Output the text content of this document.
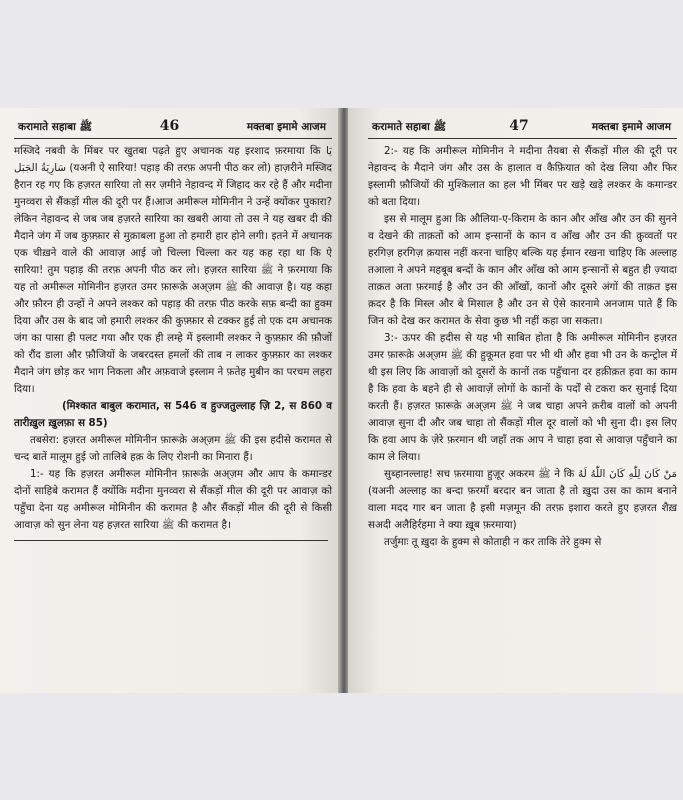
करामाते सहाबा ﷺ	46	मक्तबा इमामे आजम

मस्जिदे नबवी के मिंबर पर खुतबा पढ़ते हुए अचानक यह इरशाद फ़रमाया कि يَا سَارِيَةُ الجَبَل (यअनी ऐ सारिया! पहाड़ की तरफ़ अपनी पीठ कर लो) हाज़रीने मस्जिद हैरान रह गए कि हज़रत सारिया तो सर ज़मीने नेहावन्द में जिहाद कर रहे हैं और मदीना मुनव्वरा से सैंकड़ों मील की दूरी पर हैं।आज अमीरूल मोमिनीन ने उन्हें क्योंकर पुकारा? लेकिन नेहावन्द से जब जब हज़रते सारिया का खबरी आया तो उस ने यह खबर दी की मैदाने जंग में जब कुफ़्फ़ार से मुक़ाबला हुआ तो हमारी हार होने लगी। इतने में अचानक एक चीख़ने वाले की आवाज़ आई जो चिल्ला चिल्ला कर यह कह रहा था कि ऐ सारिया! तुम पहाड़ की तरफ़ अपनी पीठ कर लो। हज़रत सारिया ﷺ ने फ़रमाया कि यह तो अमीरूल मोमिनीन हज़रत उमर फ़ारूक़े अअ्ज़म ﷺ की आवाज़ है। यह कहा और फ़ौरन ही उन्हों ने अपने लश्कर को पहाड़ की तरफ़ पीठ करके सफ़ बन्दी का हुक्म दिया और उस के बाद जो हमारी लश्कर की कुफ़्फ़ार से टक्कर हुई तो एक दम अचानक जंग का पासा ही पलट गया और एक ही लम्हे में इस्लामी लश्कर ने कुफ़्फ़ार की फ़ौजों को रौंद डाला और फ़ौजियों के जबरदस्त हमलों की ताब न लाकर कुफ़्फ़ार का लश्कर मैदाने जंग छोड़ कर भाग निकला और अफ़वाजे इस्लाम ने फ़तेह मुबीन का परचम लहरा दिया।

(मिश्कात बाबुल करामात, स 546 व हुज्जतुल्लाह ज़ि 2, स 860 व तारीख़ुल ख़ुलफ़ा स 85)

तबसेरा: हज़रत अमीरूल मोमिनीन फ़ारूक़े अअ्ज़म ﷺ की इस हदीसे करामत से चन्द बातें मालूम हुई जो तालिबे हक़ के लिए रोशनी का मिनारा हैं।

1:- यह कि हज़रत अमीरूल मोमिनीन फ़ारूक़े अअ्ज़म और आप के कमान्डर दोनों साहिबे करामत हैं क्योंकि मदीना मुनव्वरा से सैंकड़ों मील की दूरी पर आवाज़ को पहुँचा देना यह अमीरूल मोमिनीन की करामत है और सैंकड़ों मील की दूरी से किसी आवाज़ को सुन लेना यह हज़रत सारिया ﷺ की करामत है।

करामाते सहाबा ﷺ	47	मक्तबा इमामे आजम

2:- यह कि अमीरूल मोमिनीन ने मदीना तैयबा से सैंकड़ों मील की दूरी पर नेहावन्द के मैदाने जंग और उस के हालात व कैफ़ियात को देख लिया और फिर इस्लामी फ़ौजियों की मुश्किलात का हल भी मिंबर पर खड़े खड़े लश्कर के कमान्डर को बता दिया।

इस से मालूम हुआ कि औलिया-ए-किराम के कान और आँख और उन की सुनने व देखने की ताक़तों को आम इन्सानों के कान व आँख और उन की क़ुव्वतों पर हरगिज़ हरगिज़ क़यास नहीं करना चाहिए बल्कि यह ईमान रखना चाहिए कि अल्लाह तआला ने अपने महबूब बन्दों के कान और आँख को आम इन्सानों से बहुत ही ज़्यादा ताक़त अता फ़रमाई है और उन की आँखों, कानों और दूसरे अंगों की ताक़त इस क़दर है कि मिस्ल और बे मिसाल है और उन से ऐसे कारनामे अनजाम पाते हैं कि जिन को देख कर करामत के सेवा कुछ भी नहीं कहा जा सकता।

3:- ऊपर की हदीस से यह भी साबित होता है कि अमीरूल मोमिनीन हज़रत उमर फ़ारूक़े अअ्ज़म ﷺ की हुकूमत हवा पर भी थी और हवा भी उन के कन्ट्रोल में थी इस लिए कि आवाज़ों को दूसरों के कानों तक पहुँचाना दर हक़ीक़त हवा का काम है कि हवा के बहने ही से आवाज़ें लोगों के कानों के पर्दों से टकरा कर सुनाई दिया करती हैं। हज़रत फ़ारूक़े अअ्ज़म ﷺ ने जब चाहा अपने क़रीब वालों को अपनी आवाज़ सुना दी और जब चाहा तो सैंकड़ों मील दूर वालों को भी सुना दी। इस लिए कि हवा आप के ज़ेरे फ़रमान थी जहाँ तक आप ने चाहा हवा से आवाज़ पहुँचाने का काम ले लिया।

सुब्हानल्लाह! सच फ़रमाया हुज़ूर अकरम ﷺ ने कि مَنْ كَانَ لِلّٰهِ كَانَ اللّٰهُ لَهُ (यअनी अल्लाह का बन्दा फ़रमाँ बरदार बन जाता है तो ख़ुदा उस का काम बनाने वाला मदद गार बन जाता है इसी मज़मून की तरफ़ इशारा करते हुए हज़रत शैख़ सअदी अलैहिर्रहमा ने क्या ख़ूब फ़रमाया)

तर्जुमाः तू ख़ुदा के हुक्म से कोताही न कर ताकि तेरे हुक्म से
